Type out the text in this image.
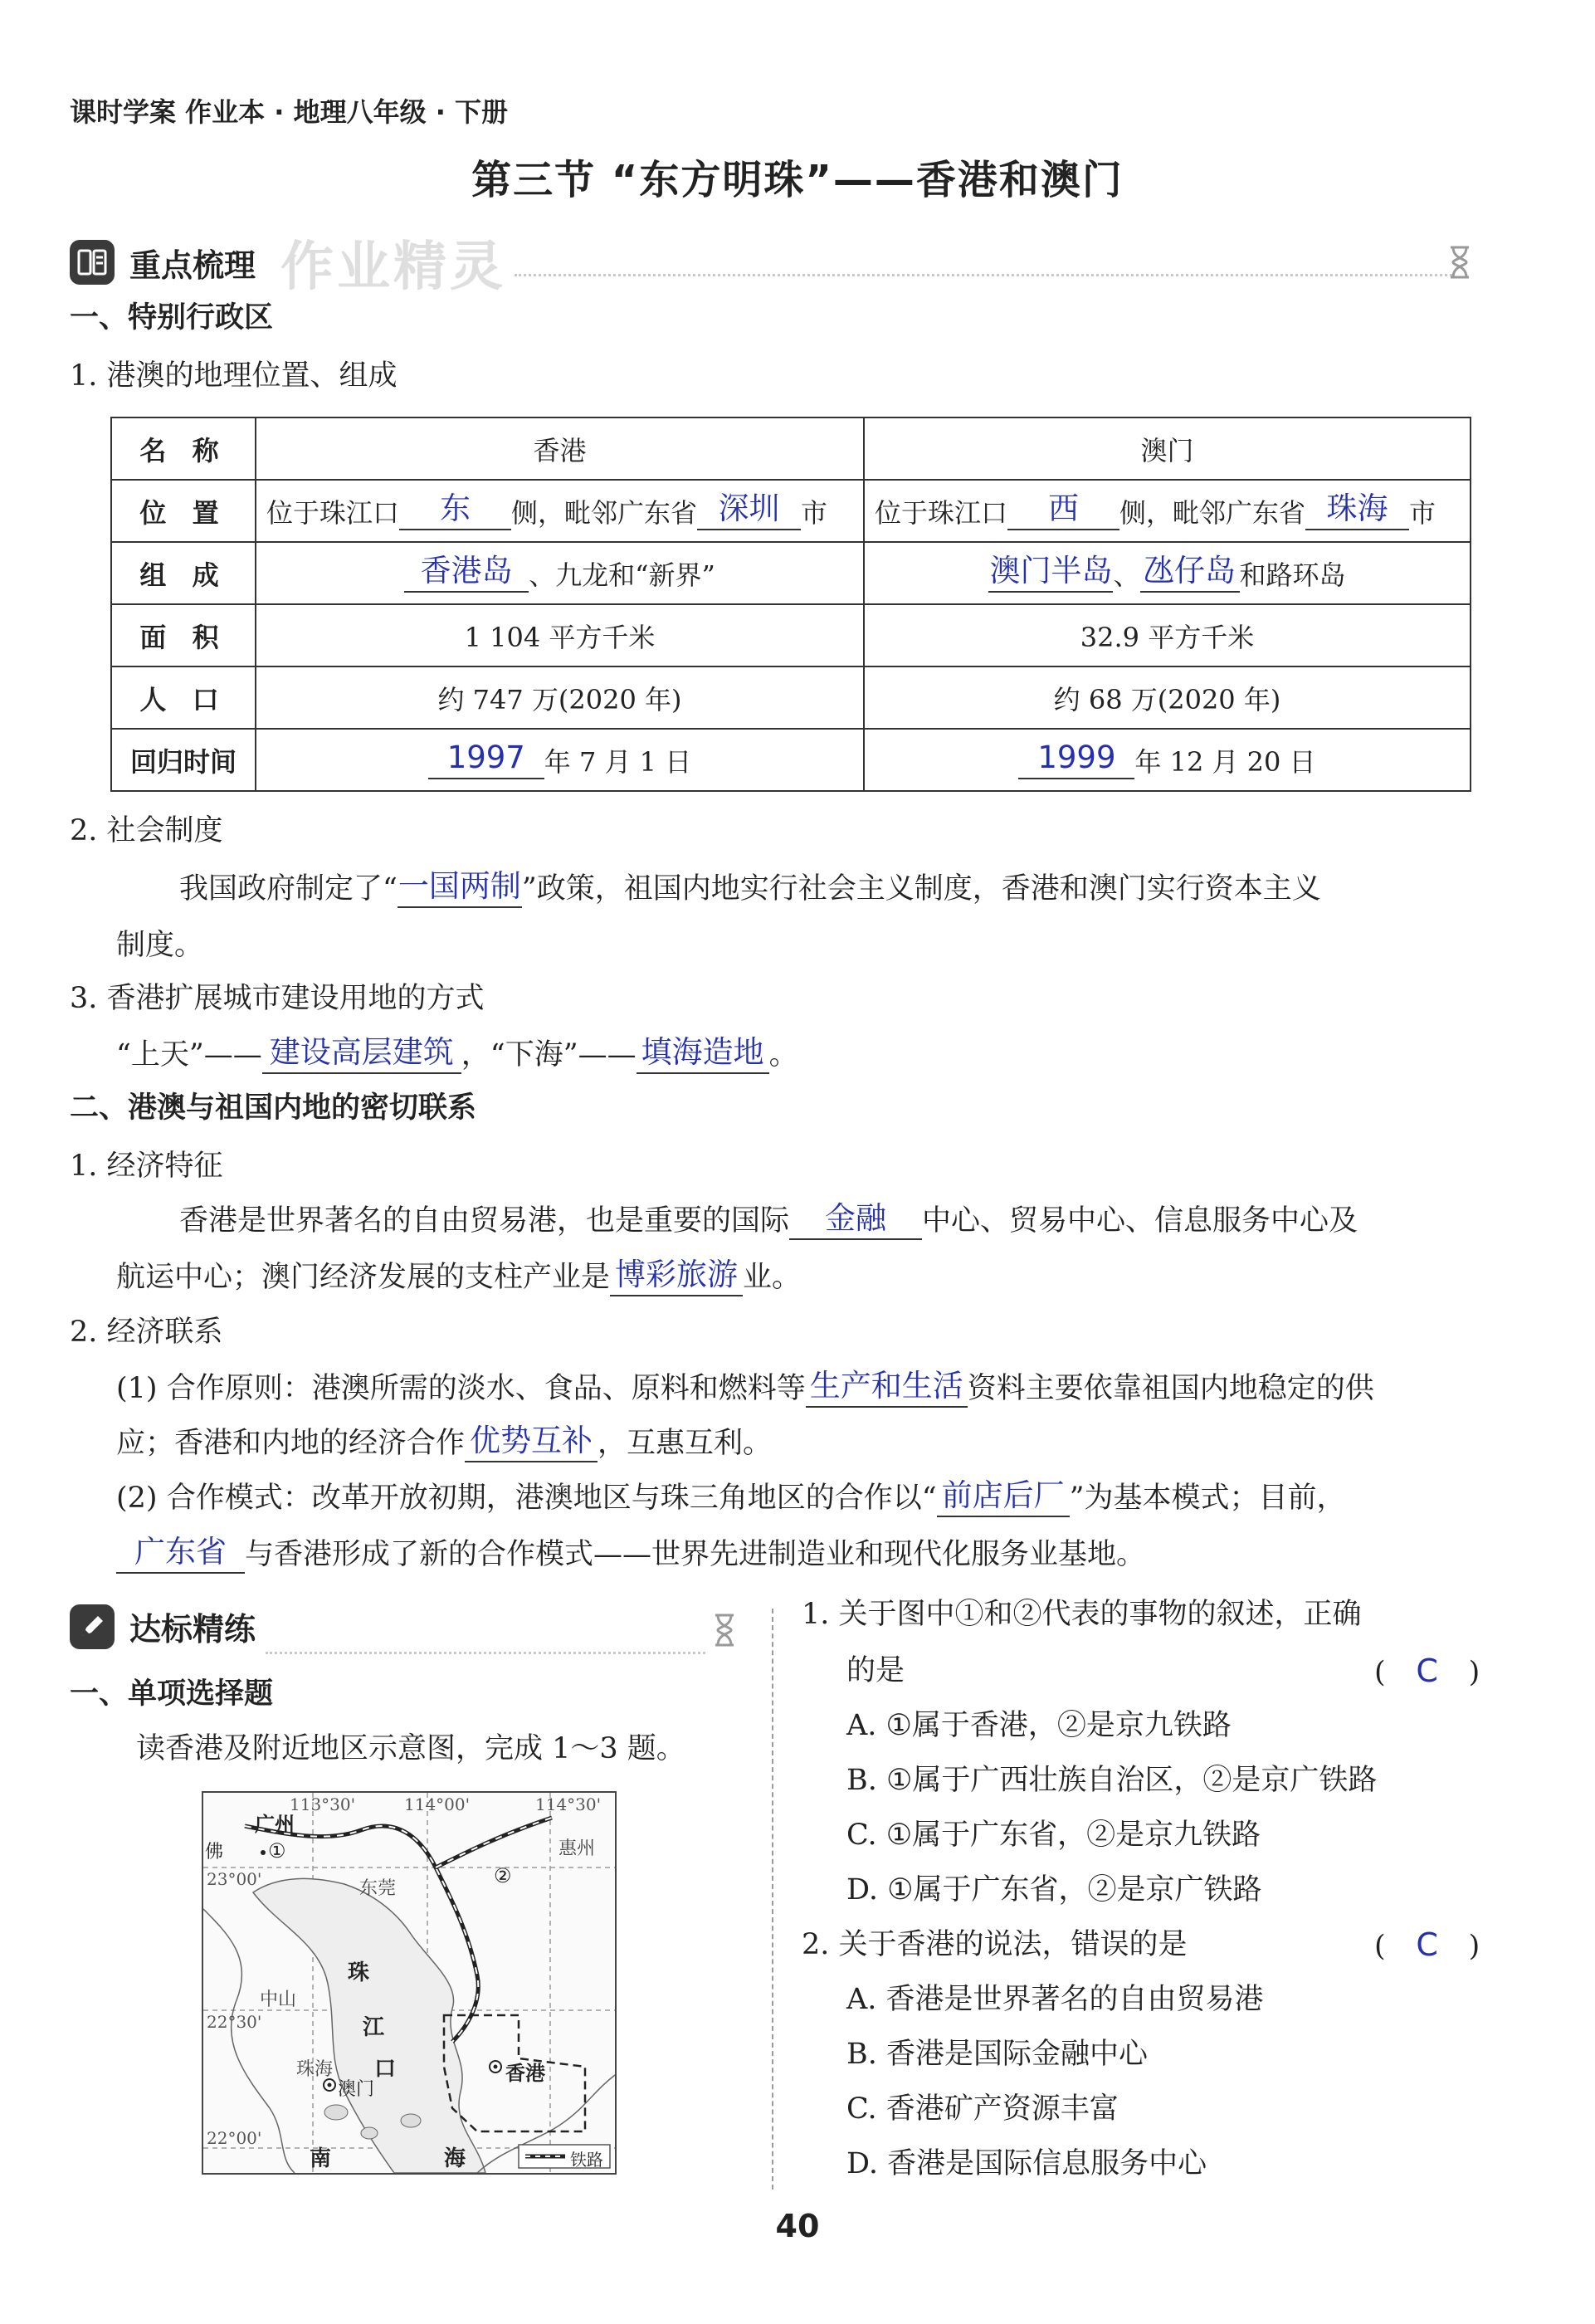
课时学案 作业本 · 地理八年级 · 下册
第三节 “东方明珠”——香港和澳门
重点梳理 作业精灵
一、特别行政区
1. 港澳的地理位置、组成
名 称	香港	澳门
位 置	位于珠江口 东 侧，毗邻广东省 深圳 市	位于珠江口 西 侧，毗邻广东省 珠海 市
组 成	香港岛 、九龙和“新界”	澳门半岛 、 氹仔岛 和路环岛
面 积	1 104 平方千米	32.9 平方千米
人 口	约 747 万(2020 年)	约 68 万(2020 年)
回归时间	1997 年 7 月 1 日	1999 年 12 月 20 日
2. 社会制度
我国政府制定了“ 一国两制 ”政策，祖国内地实行社会主义制度，香港和澳门实行资本主义
制度。
3. 香港扩展城市建设用地的方式
“上天”—— 建设高层建筑 ，“下海”—— 填海造地 。
二、港澳与祖国内地的密切联系
1. 经济特征
香港是世界著名的自由贸易港，也是重要的国际	金融	中心、贸易中心、信息服务中心及
航运中心；澳门经济发展的支柱产业是 博彩旅游 业。
2. 经济联系
(1) 合作原则：港澳所需的淡水、食品、原料和燃料等 生产和生活 资料主要依靠祖国内地稳定的供
应；香港和内地的经济合作 优势互补 ，互惠互利。
(2) 合作模式：改革开放初期，港澳地区与珠三角地区的合作以“ 前店后厂 ”为基本模式；目前，
广东省 与香港形成了新的合作模式——世界先进制造业和现代化服务业基地。
达标精练
一、单项选择题
读香港及附近地区示意图，完成 1～3 题。
113°30'	114°00'	114°30'
23°00'
22°30'
22°00'
广州
佛
东莞
惠州
中山
珠海
澳门
香港
珠
江
口
南	海
①
②
铁路
1. 关于图中①和②代表的事物的叙述，正确
的是	( C )
A. ①属于香港，②是京九铁路
B. ①属于广西壮族自治区，②是京广铁路
C. ①属于广东省，②是京九铁路
D. ①属于广东省，②是京广铁路
2. 关于香港的说法，错误的是	( C )
A. 香港是世界著名的自由贸易港
B. 香港是国际金融中心
C. 香港矿产资源丰富
D. 香港是国际信息服务中心
40
